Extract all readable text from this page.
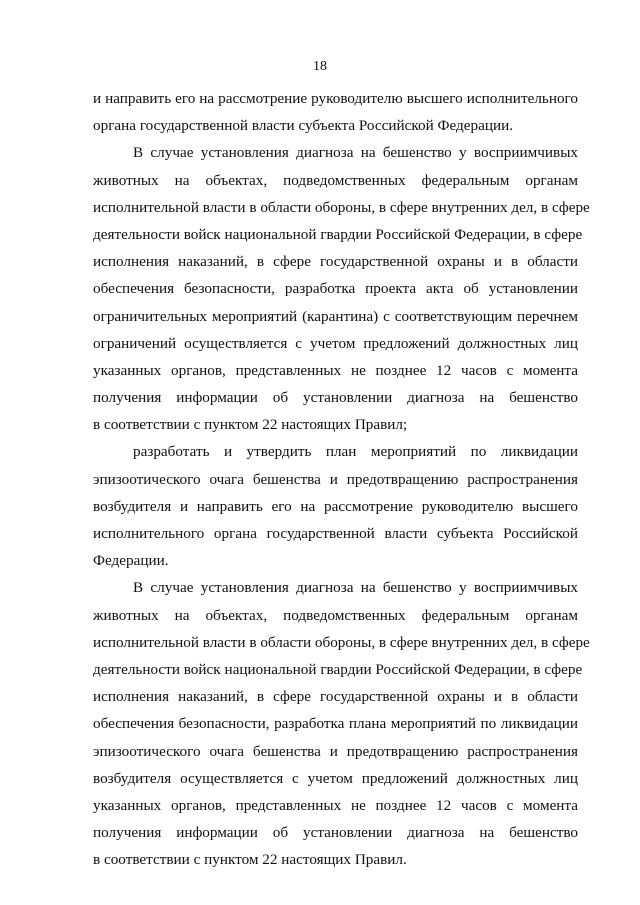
18
и направить его на рассмотрение руководителю высшего исполнительного
органа государственной власти субъекта Российской Федерации.
В случае установления диагноза на бешенство у восприимчивых
животных на объектах, подведомственных федеральным органам
исполнительной власти в области обороны, в сфере внутренних дел, в сфере
деятельности войск национальной гвардии Российской Федерации, в сфере
исполнения наказаний, в сфере государственной охраны и в области
обеспечения безопасности, разработка проекта акта об установлении
ограничительных мероприятий (карантина) с соответствующим перечнем
ограничений осуществляется с учетом предложений должностных лиц
указанных органов, представленных не позднее 12 часов с момента
получения информации об установлении диагноза на бешенство
в соответствии с пунктом 22 настоящих Правил;
разработать и утвердить план мероприятий по ликвидации
эпизоотического очага бешенства и предотвращению распространения
возбудителя и направить его на рассмотрение руководителю высшего
исполнительного органа государственной власти субъекта Российской
Федерации.
В случае установления диагноза на бешенство у восприимчивых
животных на объектах, подведомственных федеральным органам
исполнительной власти в области обороны, в сфере внутренних дел, в сфере
деятельности войск национальной гвардии Российской Федерации, в сфере
исполнения наказаний, в сфере государственной охраны и в области
обеспечения безопасности, разработка плана мероприятий по ликвидации
эпизоотического очага бешенства и предотвращению распространения
возбудителя осуществляется с учетом предложений должностных лиц
указанных органов, представленных не позднее 12 часов с момента
получения информации об установлении диагноза на бешенство
в соответствии с пунктом 22 настоящих Правил.
